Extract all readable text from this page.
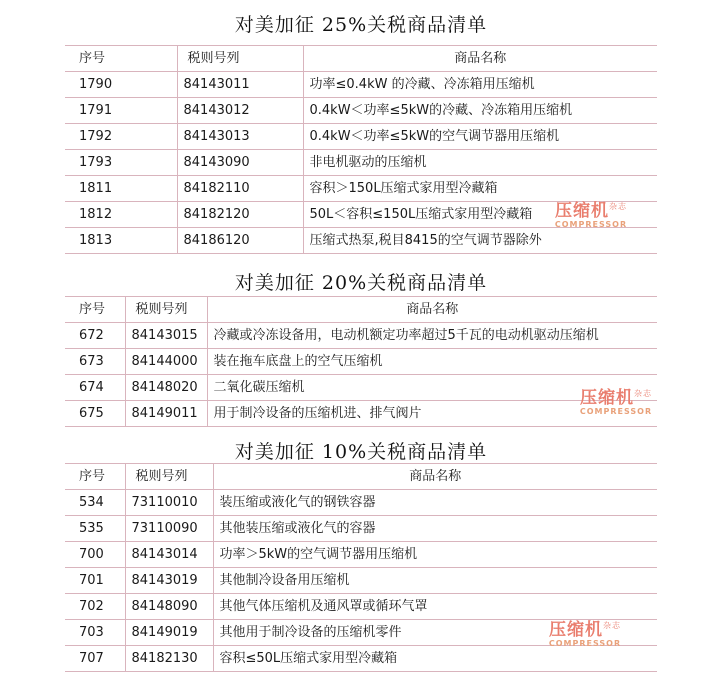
对美加征 25%关税商品清单
序号	税则号列	商品名称
1790	84143011	功率≤0.4kW 的冷藏、冷冻箱用压缩机
1791	84143012	0.4kW＜功率≤5kW的冷藏、冷冻箱用压缩机
1792	84143013	0.4kW＜功率≤5kW的空气调节器用压缩机
1793	84143090	非电机驱动的压缩机
1811	84182110	容积＞150L压缩式家用型冷藏箱
1812	84182120	50L＜容积≤150L压缩式家用型冷藏箱
1813	84186120	压缩式热泵,税目8415的空气调节器除外
压缩机$^{杂志}$
COMPRESSOR
对美加征 20%关税商品清单
序号	税则号列	商品名称
672	84143015	冷藏或冷冻设备用，电动机额定功率超过5千瓦的电动机驱动压缩机
673	84144000	装在拖车底盘上的空气压缩机
674	84148020	二氧化碳压缩机
675	84149011	用于制冷设备的压缩机进、排气阀片
压缩机$^{杂志}$
COMPRESSOR
对美加征 10%关税商品清单
序号	税则号列	商品名称
534	73110010	装压缩或液化气的钢铁容器
535	73110090	其他装压缩或液化气的容器
700	84143014	功率＞5kW的空气调节器用压缩机
701	84143019	其他制冷设备用压缩机
702	84148090	其他气体压缩机及通风罩或循环气罩
703	84149019	其他用于制冷设备的压缩机零件
707	84182130	容积≤50L压缩式家用型冷藏箱
压缩机$^{杂志}$
COMPRESSOR
